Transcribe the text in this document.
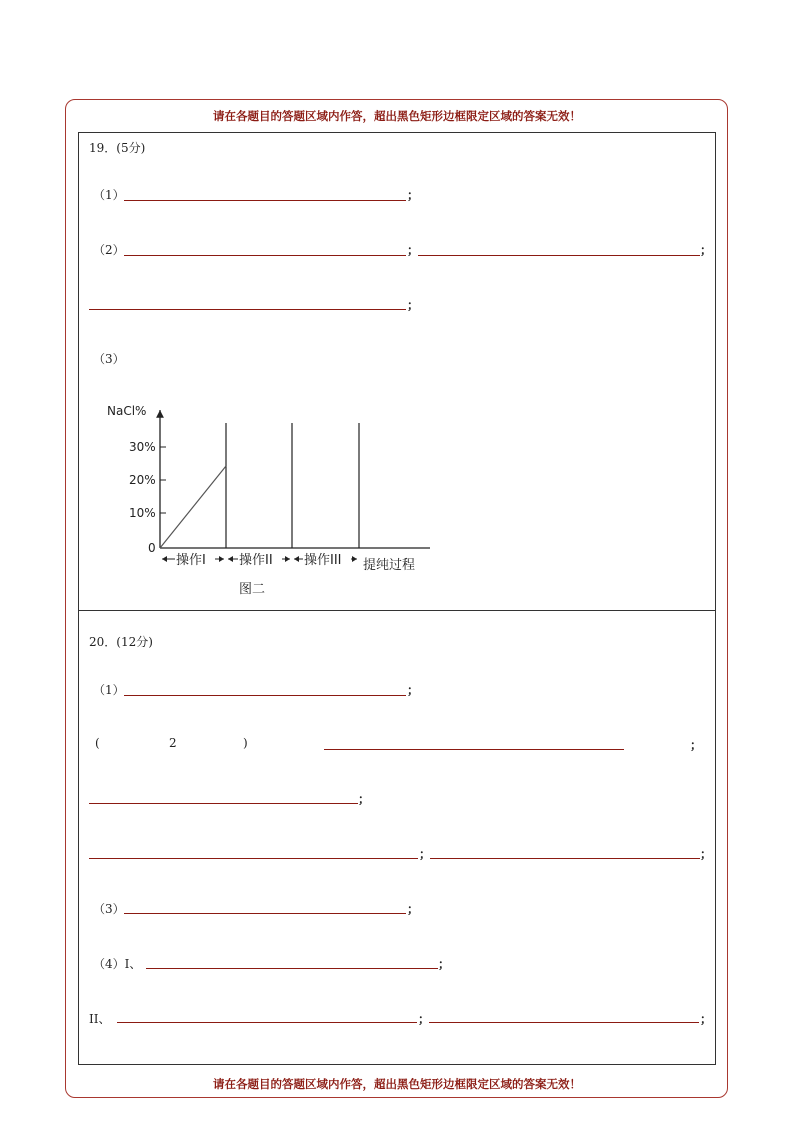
请在各题目的答题区域内作答，超出黑色矩形边框限定区域的答案无效！
19．(5分)
（1）	；
（2）	；	；
；
（3）
NaCl%
0
10%
20%
30%
操作I	操作II 操作III 提纯过程
图二
20．(12分)
（1）	；
(	2	)	；
；
；	；
（3）	；
（4）I、	；
II、	；	；
请在各题目的答题区域内作答，超出黑色矩形边框限定区域的答案无效！
